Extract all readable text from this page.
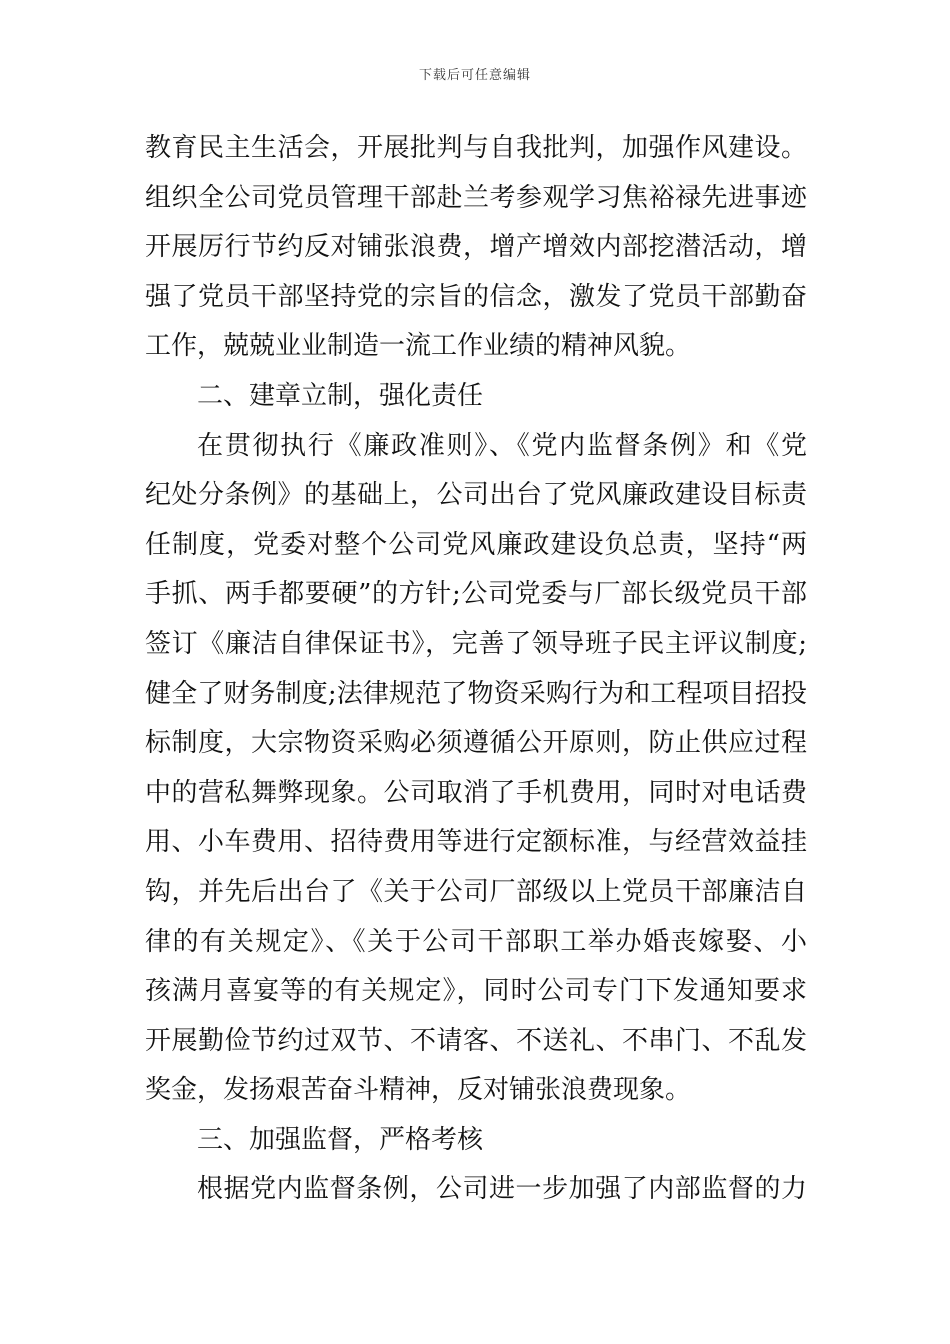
下载后可任意编辑
教育民主生活会，开展批判与自我批判，加强作风建设。
组织全公司党员管理干部赴兰考参观学习焦裕禄先进事迹
开展厉行节约反对铺张浪费，增产增效内部挖潜活动，增
强了党员干部坚持党的宗旨的信念，激发了党员干部勤奋
工作，兢兢业业制造一流工作业绩的精神风貌。
二、建章立制，强化责任
在贯彻执行《廉政准则》、《党内监督条例》和《党
纪处分条例》的基础上，公司出台了党风廉政建设目标责
任制度，党委对整个公司党风廉政建设负总责，坚持“两
手抓、两手都要硬”的方针;公司党委与厂部长级党员干部
签订《廉洁自律保证书》，完善了领导班子民主评议制度;
健全了财务制度;法律规范了物资采购行为和工程项目招投
标制度，大宗物资采购必须遵循公开原则，防止供应过程
中的营私舞弊现象。公司取消了手机费用，同时对电话费
用、小车费用、招待费用等进行定额标准，与经营效益挂
钩，并先后出台了《关于公司厂部级以上党员干部廉洁自
律的有关规定》、《关于公司干部职工举办婚丧嫁娶、小
孩满月喜宴等的有关规定》，同时公司专门下发通知要求
开展勤俭节约过双节、不请客、不送礼、不串门、不乱发
奖金，发扬艰苦奋斗精神，反对铺张浪费现象。
三、加强监督，严格考核
根据党内监督条例，公司进一步加强了内部监督的力
